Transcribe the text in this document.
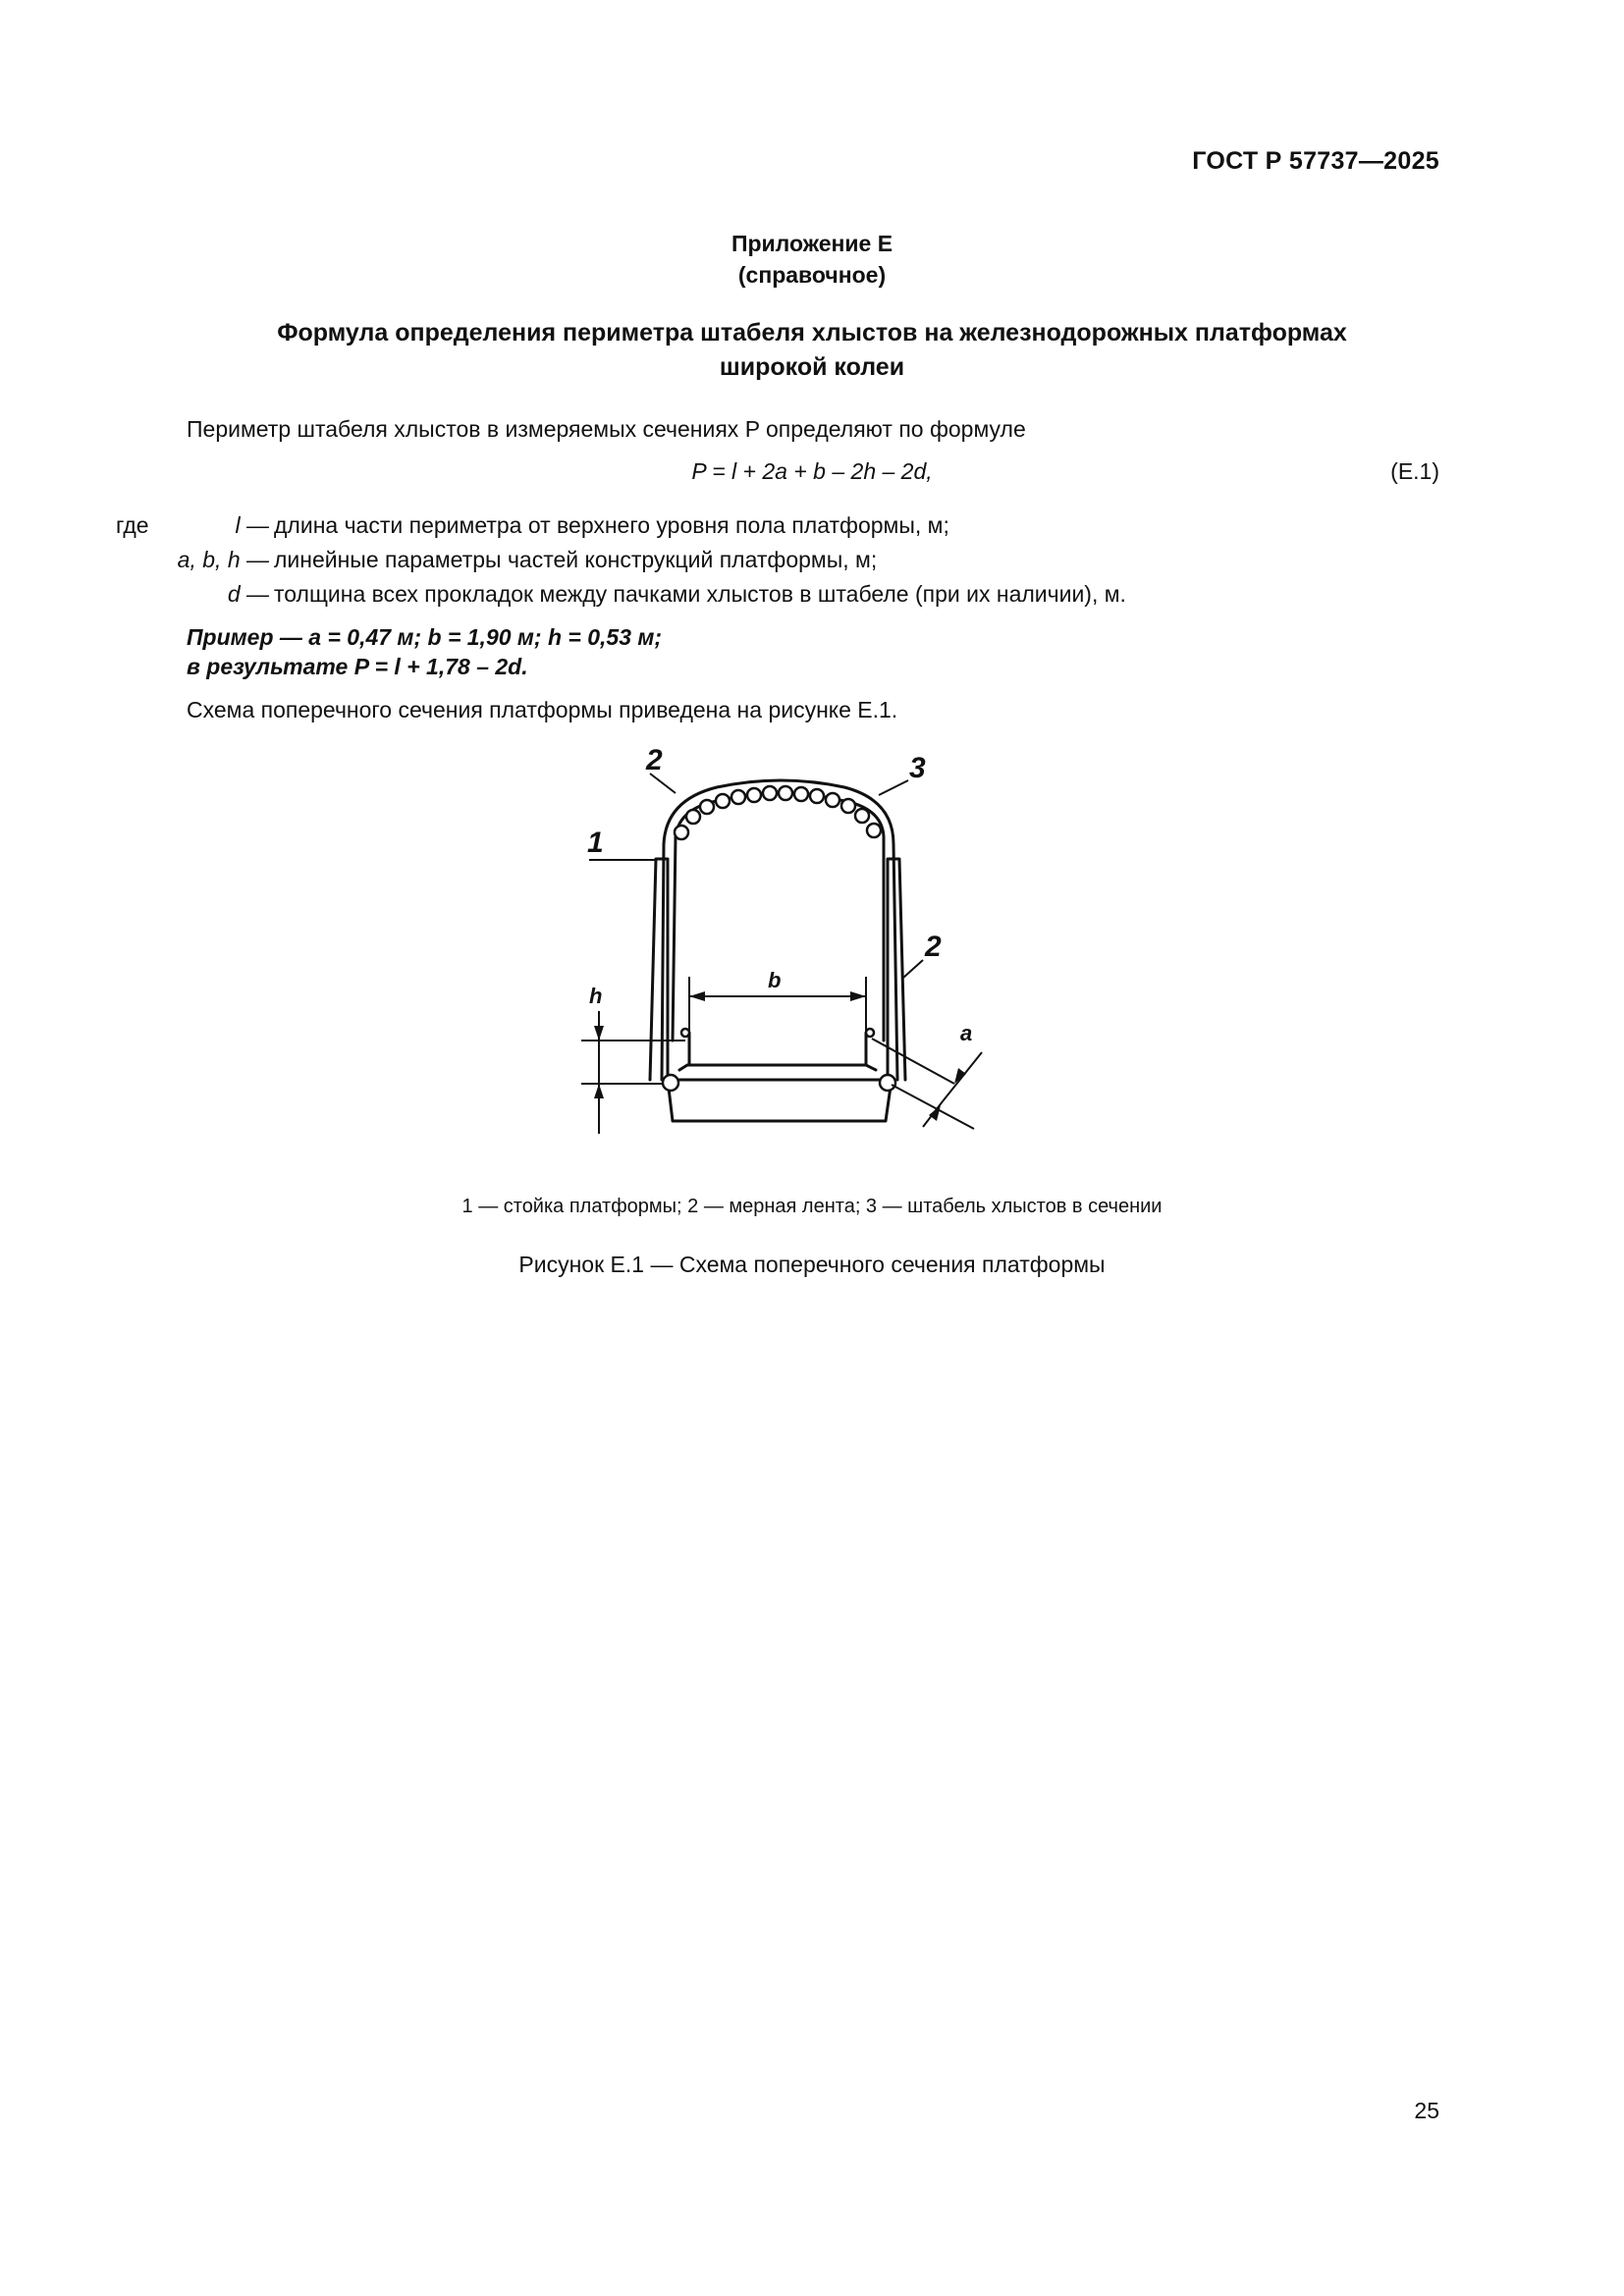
ГОСТ Р 57737—2025
Приложение Е
(справочное)
Формула определения периметра штабеля хлыстов на железнодорожных платформах
широкой колеи
Периметр штабеля хлыстов в измеряемых сечениях P определяют по формуле
P = l + 2a + b – 2h – 2d,	(Е.1)
где	l — длина части периметра от верхнего уровня пола платформы, м;
a, b, h — линейные параметры частей конструкций платформы, м;
d — толщина всех прокладок между пачками хлыстов в штабеле (при их наличии), м.
Пример — a = 0,47 м; b = 1,90 м; h = 0,53 м;
в результате P = l + 1,78 – 2d.
Схема поперечного сечения платформы приведена на рисунке Е.1.
1
2	3
2
b
h
a
1 — стойка платформы; 2 — мерная лента; 3 — штабель хлыстов в сечении
Рисунок Е.1 — Схема поперечного сечения платформы
25
